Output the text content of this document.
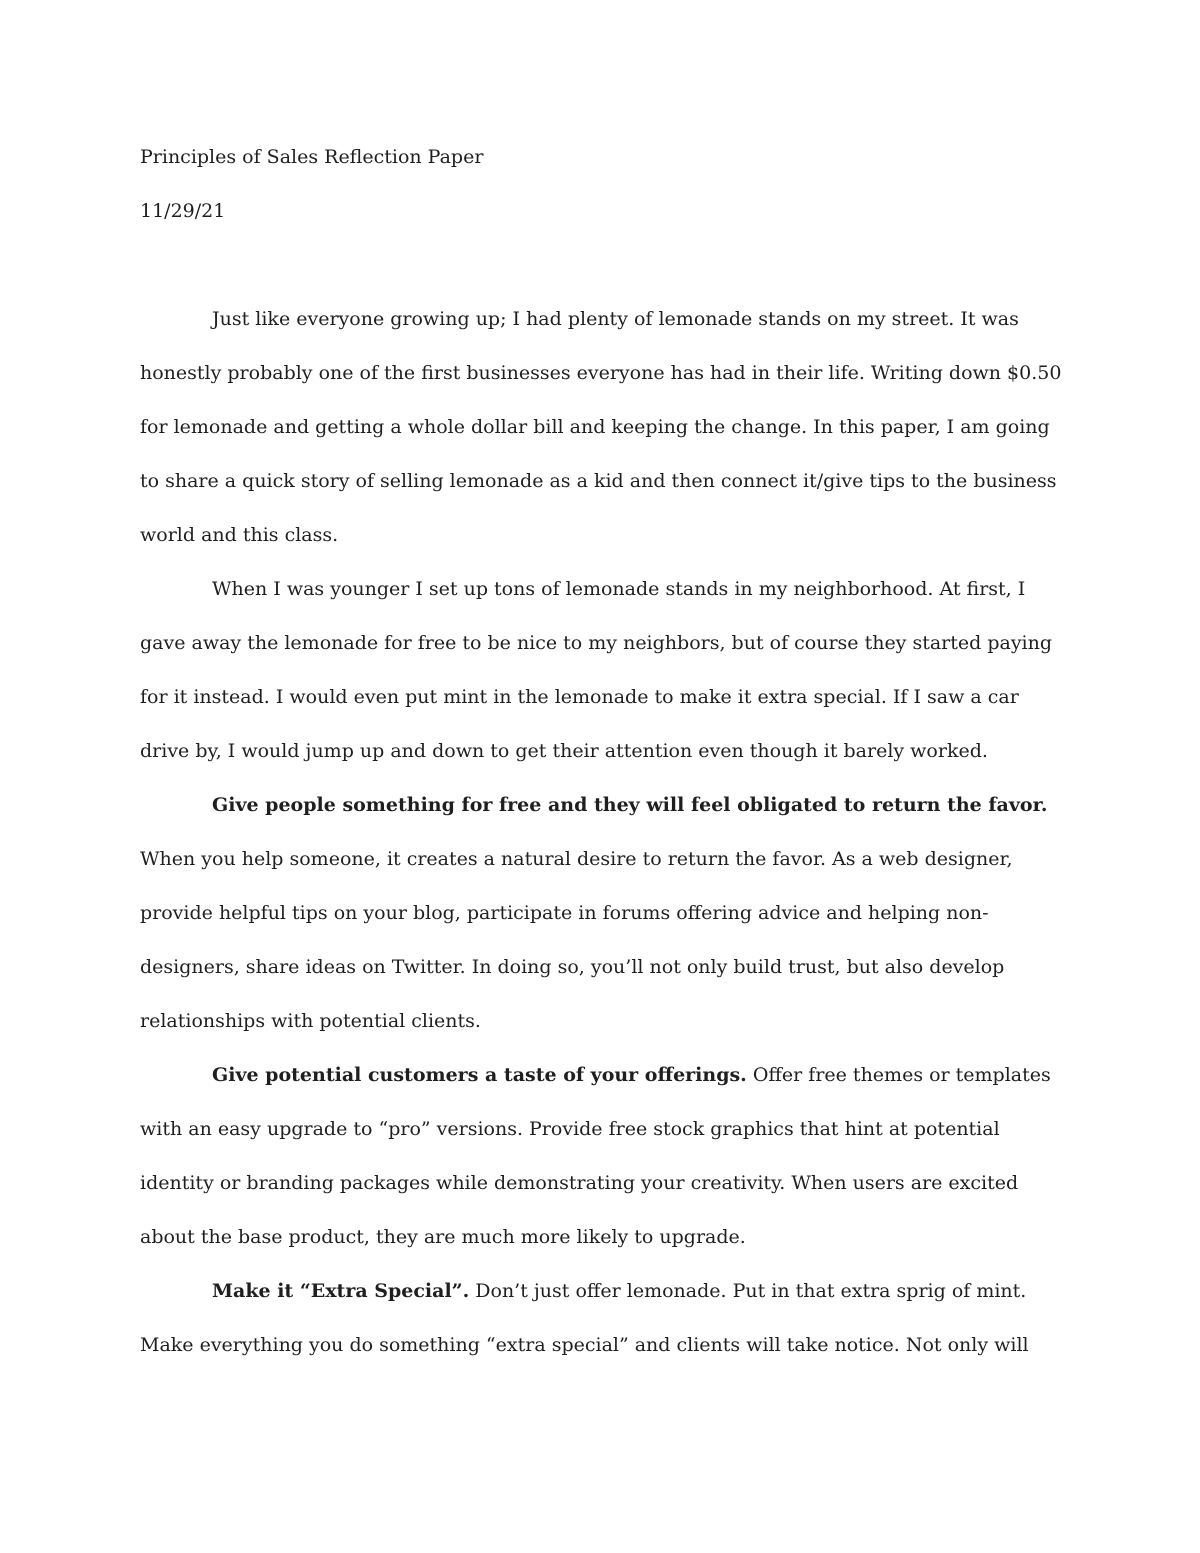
Principles of Sales Reflection Paper

11/29/21

Just like everyone growing up; I had plenty of lemonade stands on my street. It was honestly probably one of the first businesses everyone has had in their life. Writing down $0.50 for lemonade and getting a whole dollar bill and keeping the change. In this paper, I am going to share a quick story of selling lemonade as a kid and then connect it/give tips to the business world and this class.

When I was younger I set up tons of lemonade stands in my neighborhood. At first, I gave away the lemonade for free to be nice to my neighbors, but of course they started paying for it instead. I would even put mint in the lemonade to make it extra special. If I saw a car drive by, I would jump up and down to get their attention even though it barely worked.

Give people something for free and they will feel obligated to return the favor. When you help someone, it creates a natural desire to return the favor. As a web designer, provide helpful tips on your blog, participate in forums offering advice and helping non-designers, share ideas on Twitter. In doing so, you’ll not only build trust, but also develop relationships with potential clients.

Give potential customers a taste of your offerings. Offer free themes or templates with an easy upgrade to “pro” versions. Provide free stock graphics that hint at potential identity or branding packages while demonstrating your creativity. When users are excited about the base product, they are much more likely to upgrade.

Make it “Extra Special”. Don’t just offer lemonade. Put in that extra sprig of mint. Make everything you do something “extra special” and clients will take notice. Not only will
